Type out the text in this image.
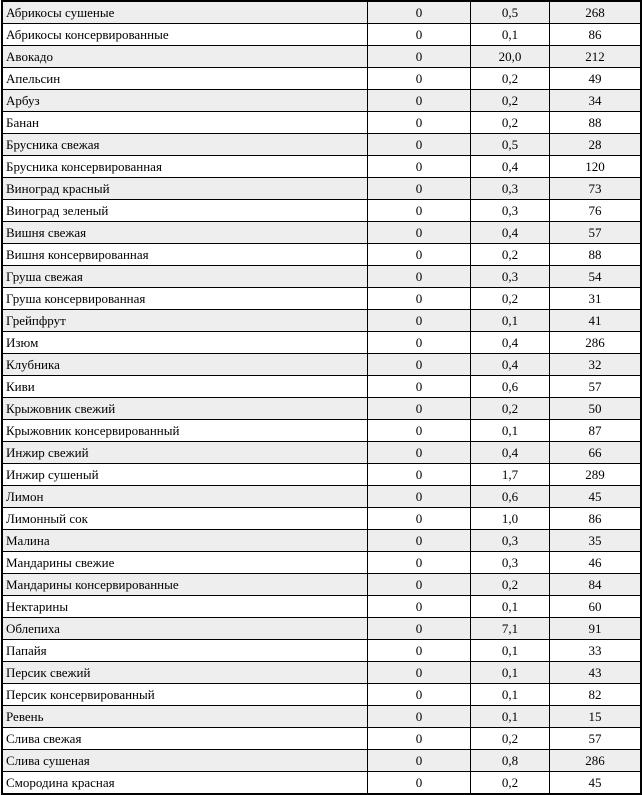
Абрикосы сушеные	0	0,5	268
Абрикосы консервированные	0	0,1	86
Авокадо	0	20,0	212
Апельсин	0	0,2	49
Арбуз	0	0,2	34
Банан	0	0,2	88
Брусника свежая	0	0,5	28
Брусника консервированная	0	0,4	120
Виноград красный	0	0,3	73
Виноград зеленый	0	0,3	76
Вишня свежая	0	0,4	57
Вишня консервированная	0	0,2	88
Груша свежая	0	0,3	54
Груша консервированная	0	0,2	31
Грейпфрут	0	0,1	41
Изюм	0	0,4	286
Клубника	0	0,4	32
Киви	0	0,6	57
Крыжовник свежий	0	0,2	50
Крыжовник консервированный	0	0,1	87
Инжир свежий	0	0,4	66
Инжир сушеный	0	1,7	289
Лимон	0	0,6	45
Лимонный сок	0	1,0	86
Малина	0	0,3	35
Мандарины свежие	0	0,3	46
Мандарины консервированные	0	0,2	84
Нектарины	0	0,1	60
Облепиха	0	7,1	91
Папайя	0	0,1	33
Персик свежий	0	0,1	43
Персик консервированный	0	0,1	82
Ревень	0	0,1	15
Слива свежая	0	0,2	57
Слива сушеная	0	0,8	286
Смородина красная	0	0,2	45
